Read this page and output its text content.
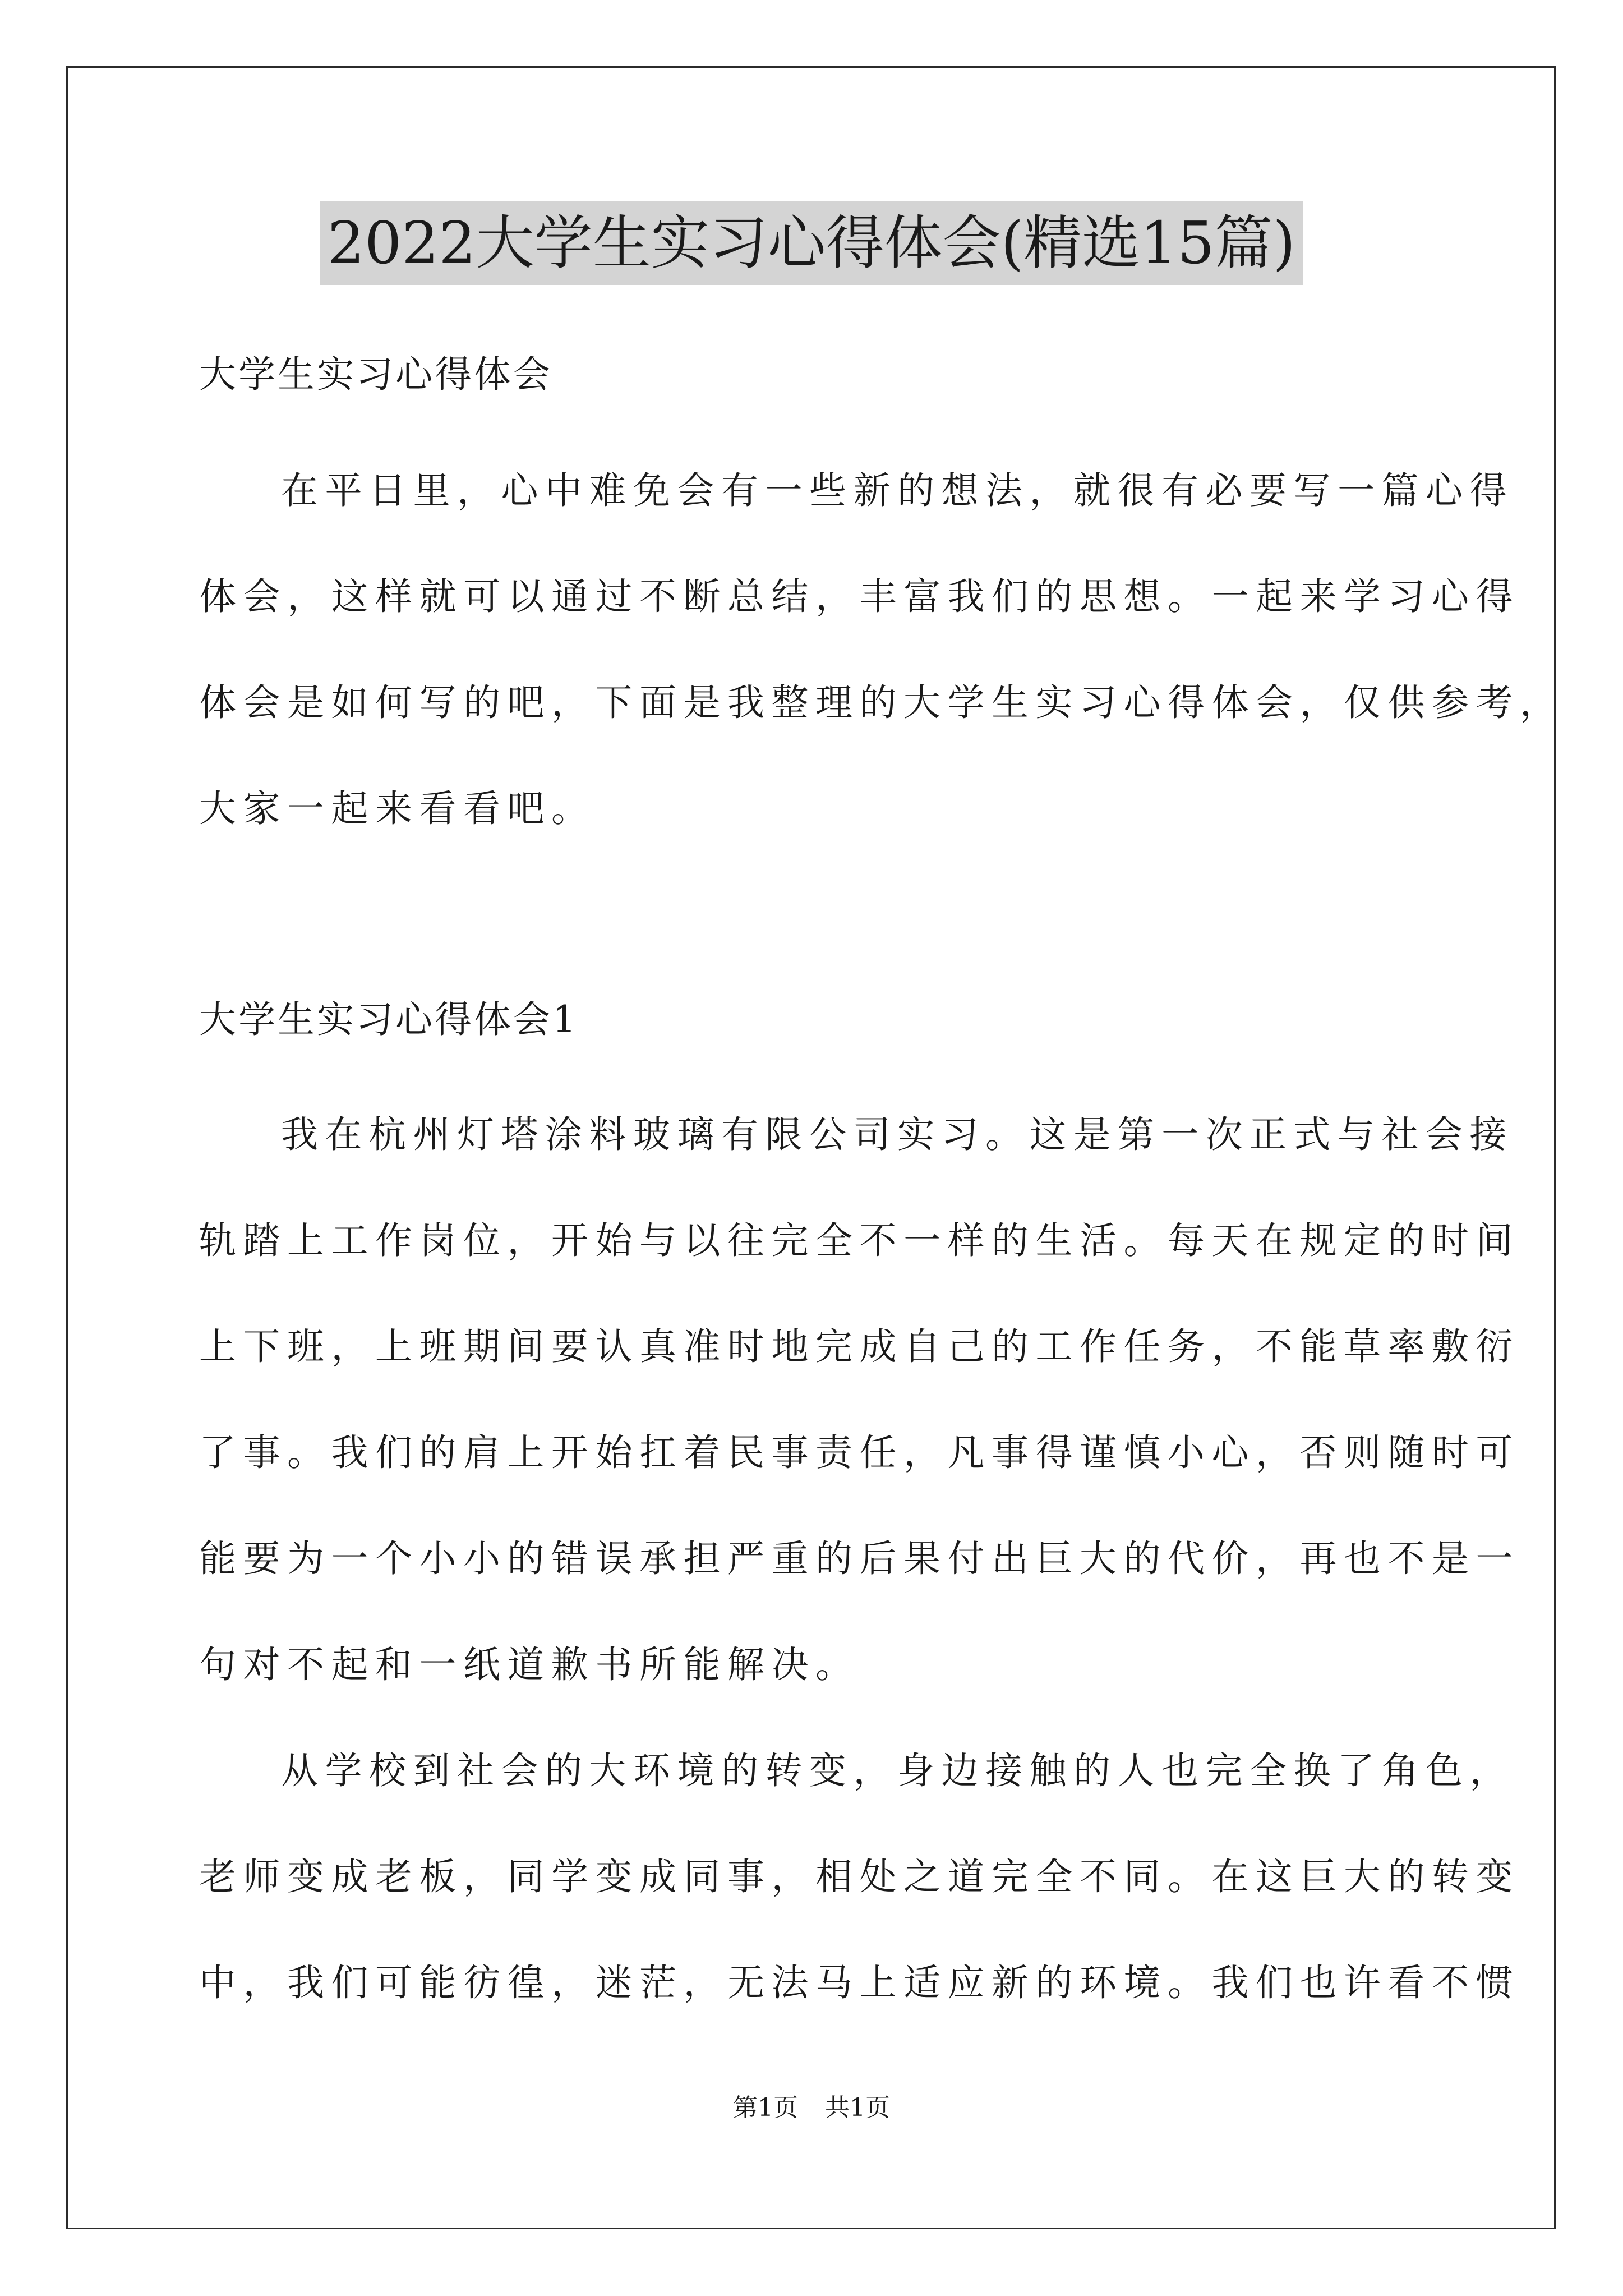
2022大学生实习心得体会(精选15篇)
大学生实习心得体会
在平日里，心中难免会有一些新的想法，就很有必要写一篇心得
体会，这样就可以通过不断总结，丰富我们的思想。一起来学习心得
体会是如何写的吧，下面是我整理的大学生实习心得体会，仅供参考，
大家一起来看看吧。
大学生实习心得体会1
我在杭州灯塔涂料玻璃有限公司实习。这是第一次正式与社会接
轨踏上工作岗位，开始与以往完全不一样的生活。每天在规定的时间
上下班，上班期间要认真准时地完成自己的工作任务，不能草率敷衍
了事。我们的肩上开始扛着民事责任，凡事得谨慎小心，否则随时可
能要为一个小小的错误承担严重的后果付出巨大的代价，再也不是一
句对不起和一纸道歉书所能解决。
从学校到社会的大环境的转变，身边接触的人也完全换了角色，
老师变成老板，同学变成同事，相处之道完全不同。在这巨大的转变
中，我们可能彷徨，迷茫，无法马上适应新的环境。我们也许看不惯
第1页 共1页
